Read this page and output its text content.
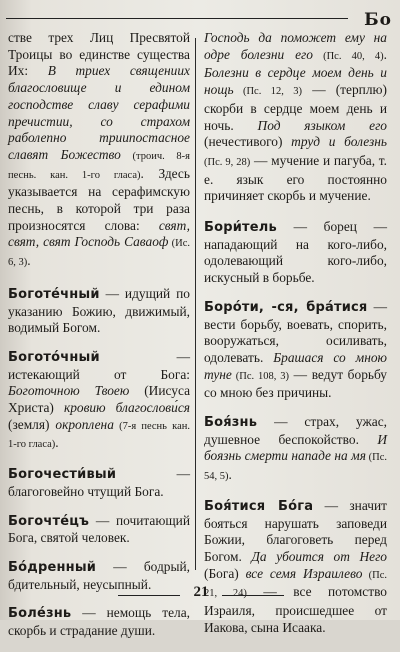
Бо

стве трех Лиц Пресвятой Троицы во единстве существа Их: В триех священиих благословище и едином господстве славу серафими пречистии, со страхом раболепно триипостасное славят Божество (троич. 8-я песнь. кан. 1-го гласа). Здесь указывается на серафимскую песнь, в которой три раза произносятся слова: свят, свят, свят Господь Саваоф (Ис. 6, 3).

Боготе́чный — идущий по указанию Божию, движимый, водимый Богом.

Богото́чный — истекающий от Бога: Боготочною Твоею (Иисуса Христа) кровию благослови́ся (земля) окроплена (7-я песнь кан. 1-го гласа).

Богочести́вый — благоговейно чтущий Бога.

Богочте́цъ — почитающий Бога, святой человек.

Бо́дренный — бодрый, бдительный, неусыпный.

Боле́знь — немощь тела, скорбь и страдание души.

Господь да поможет ему на одре болезни его (Пс. 40, 4). Болезни в сердце моем день и нощь (Пс. 12, 3) — (терплю) скорби в сердце моем день и ночь. Под языком его (нечестивого) труд и болезнь (Пс. 9, 28) — мучение и пагуба, т. е. язык его постоянно причиняет скорбь и мучение.

Бори́тель — борец — нападающий на кого-либо, одолевающий кого-либо, искусный в борьбе.

Боро́ти, -ся, бра́тися — вести борьбу, воевать, спорить, вооружаться, осиливать, одолевать. Брашася со мною туне (Пс. 108, 3) — ведут борьбу со мною без причины.

Боя́знь — страх, ужас, душевное беспокойство. И боязнь смерти нападе на мя (Пс. 54, 5).

Боя́тися Бо́га — значит бояться нарушать заповеди Божии, благоговеть перед Богом. Да убоится от Него (Бога) все семя Израилево (Пс. 21, 24) — все потомство Израиля, происшедшее от Иакова, сына Исаака.

21
